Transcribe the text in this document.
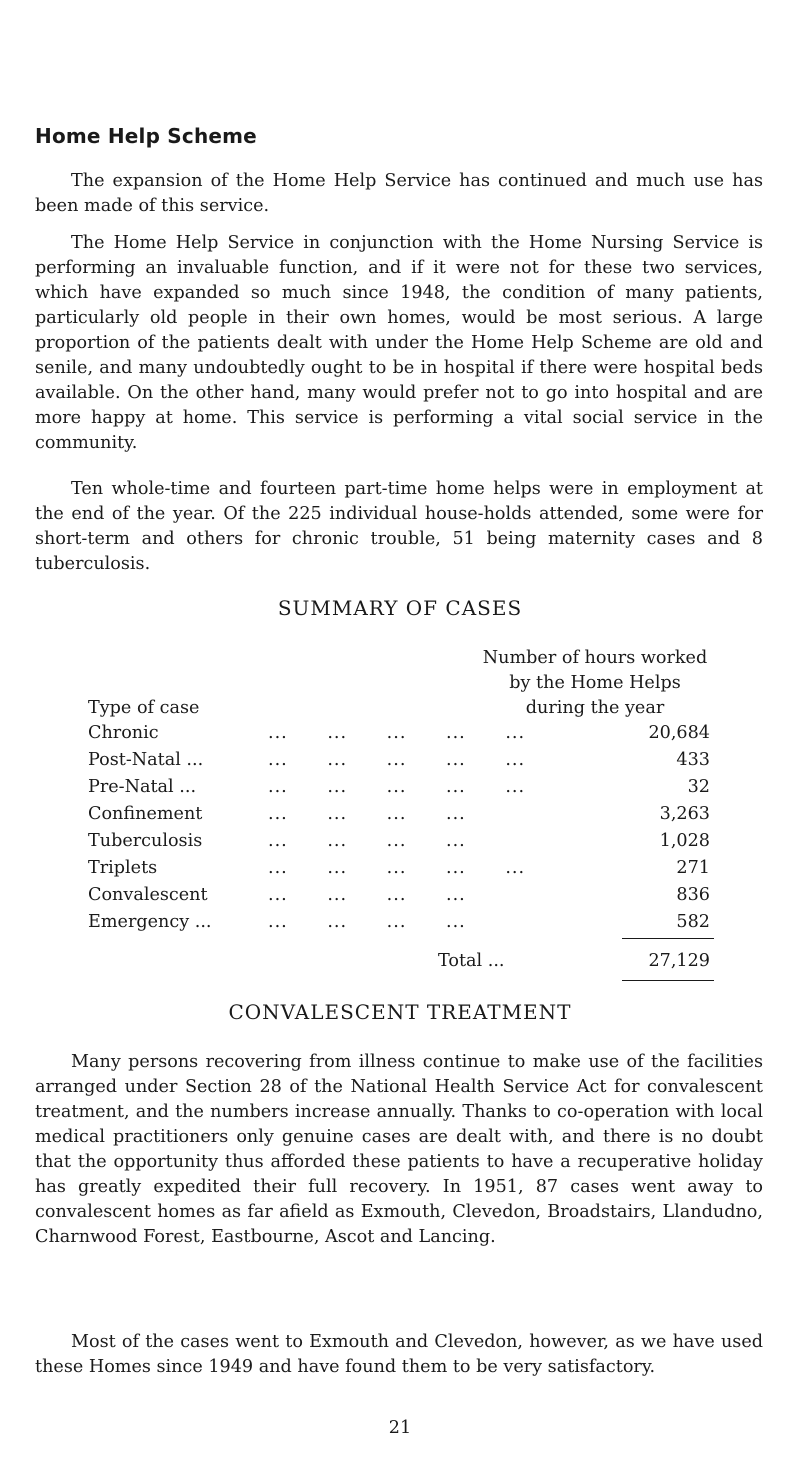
Home Help Scheme

The expansion of the Home Help Service has continued and much use has been made of this service.

The Home Help Service in conjunction with the Home Nursing Service is performing an invaluable function, and if it were not for these two services, which have expanded so much since 1948, the condition of many patients, particularly old people in their own homes, would be most serious. A large proportion of the patients dealt with under the Home Help Scheme are old and senile, and many undoubtedly ought to be in hospital if there were hospital beds available. On the other hand, many would prefer not to go into hospital and are more happy at home. This service is performing a vital social service in the community.

Ten whole-time and fourteen part-time home helps were in employment at the end of the year. Of the 225 individual house-holds attended, some were for short-term and others for chronic trouble, 51 being maternity cases and 8 tuberculosis.

SUMMARY OF CASES
Number of hours worked
by the Home Helps
during the year
Type of case
Chronic	...      ...      ...      ...      ...	20,684
Post-Natal ...	...      ...      ...      ...      ...	433
Pre-Natal ...	...      ...      ...      ...      ...	32
Confinement	...      ...      ...      ...	3,263
Tuberculosis	...      ...      ...      ...	1,028
Triplets	...      ...      ...      ...      ...	271
Convalescent	...      ...      ...      ...	836
Emergency ...	...      ...      ...      ...	582
Total ...	27,129
CONVALESCENT TREATMENT

Many persons recovering from illness continue to make use of the facilities arranged under Section 28 of the National Health Service Act for convalescent treatment, and the numbers increase annually. Thanks to co-operation with local medical practitioners only genuine cases are dealt with, and there is no doubt that the opportunity thus afforded these patients to have a recuperative holiday has greatly expedited their full recovery. In 1951, 87 cases went away to convalescent homes as far afield as Exmouth, Clevedon, Broadstairs, Llandudno, Charnwood Forest, Eastbourne, Ascot and Lancing.

Most of the cases went to Exmouth and Clevedon, however, as we have used these Homes since 1949 and have found them to be very satisfactory.

21
